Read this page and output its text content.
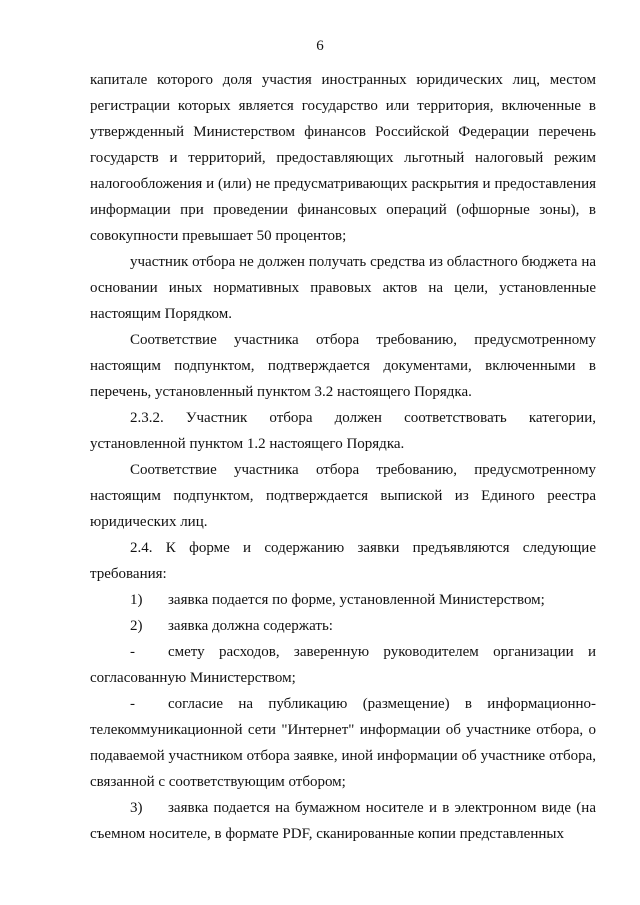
6

капитале которого доля участия иностранных юридических лиц, местом регистрации которых является государство или территория, включенные в утвержденный Министерством финансов Российской Федерации перечень государств и территорий, предоставляющих льготный налоговый режим налогообложения и (или) не предусматривающих раскрытия и предоставления информации при проведении финансовых операций (офшорные зоны), в совокупности превышает 50 процентов;

участник отбора не должен получать средства из областного бюджета на основании иных нормативных правовых актов на цели, установленные настоящим Порядком.

Соответствие участника отбора требованию, предусмотренному настоящим подпунктом, подтверждается документами, включенными в перечень, установленный пунктом 3.2 настоящего Порядка.

2.3.2. Участник отбора должен соответствовать категории, установленной пунктом 1.2 настоящего Порядка.

Соответствие участника отбора требованию, предусмотренному настоящим подпунктом, подтверждается выпиской из Единого реестра юридических лиц.

2.4. К форме и содержанию заявки предъявляются следующие требования:

1) заявка подается по форме, установленной Министерством;

2) заявка должна содержать:

- смету расходов, заверенную руководителем организации и согласованную Министерством;

- согласие на публикацию (размещение) в информационно-телекоммуникационной сети "Интернет" информации об участнике отбора, о подаваемой участником отбора заявке, иной информации об участнике отбора, связанной с соответствующим отбором;

3) заявка подается на бумажном носителе и в электронном виде (на съемном носителе, в формате PDF, сканированные копии представленных
